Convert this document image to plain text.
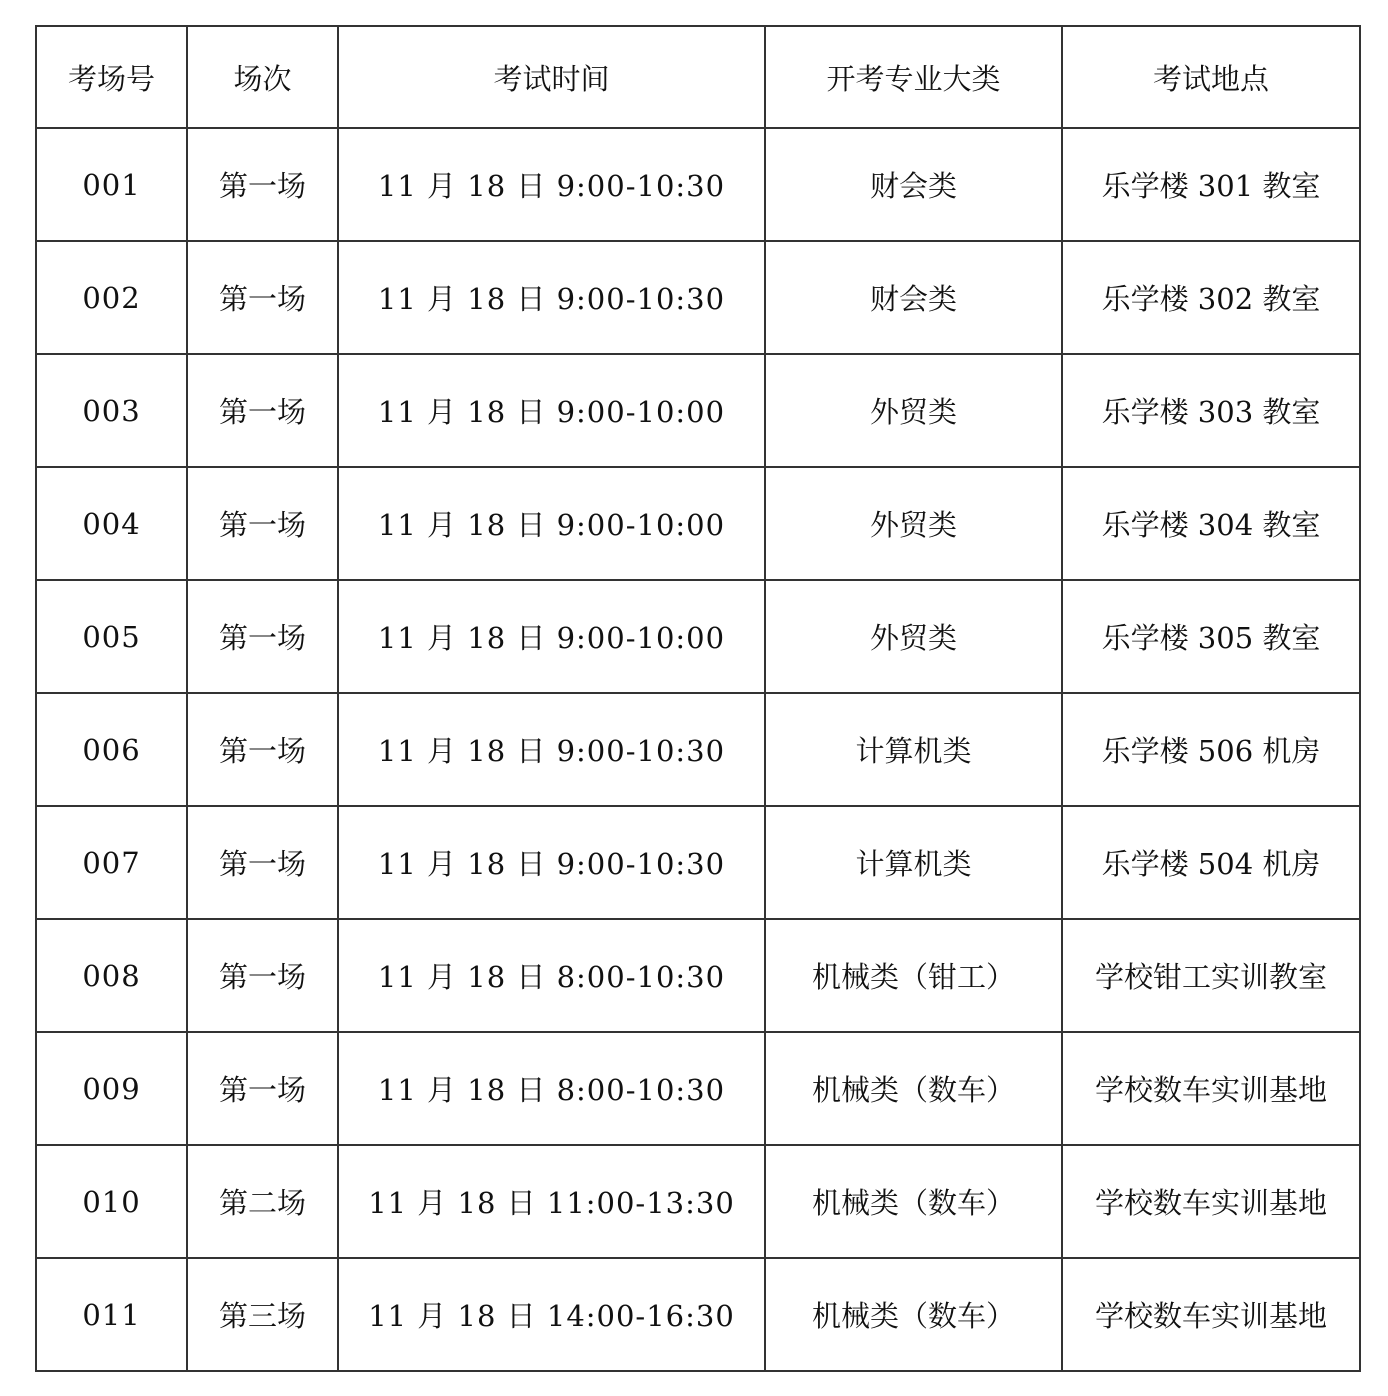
考场号	场次	考试时间	开考专业大类	考试地点
001	第一场	11 月 18 日 9:00-10:30	财会类	乐学楼 301 教室
002	第一场	11 月 18 日 9:00-10:30	财会类	乐学楼 302 教室
003	第一场	11 月 18 日 9:00-10:00	外贸类	乐学楼 303 教室
004	第一场	11 月 18 日 9:00-10:00	外贸类	乐学楼 304 教室
005	第一场	11 月 18 日 9:00-10:00	外贸类	乐学楼 305 教室
006	第一场	11 月 18 日 9:00-10:30	计算机类	乐学楼 506 机房
007	第一场	11 月 18 日 9:00-10:30	计算机类	乐学楼 504 机房
008	第一场	11 月 18 日 8:00-10:30	机械类（钳工）	学校钳工实训教室
009	第一场	11 月 18 日 8:00-10:30	机械类（数车）	学校数车实训基地
010	第二场	11 月 18 日 11:00-13:30	机械类（数车）	学校数车实训基地
011	第三场	11 月 18 日 14:00-16:30	机械类（数车）	学校数车实训基地
